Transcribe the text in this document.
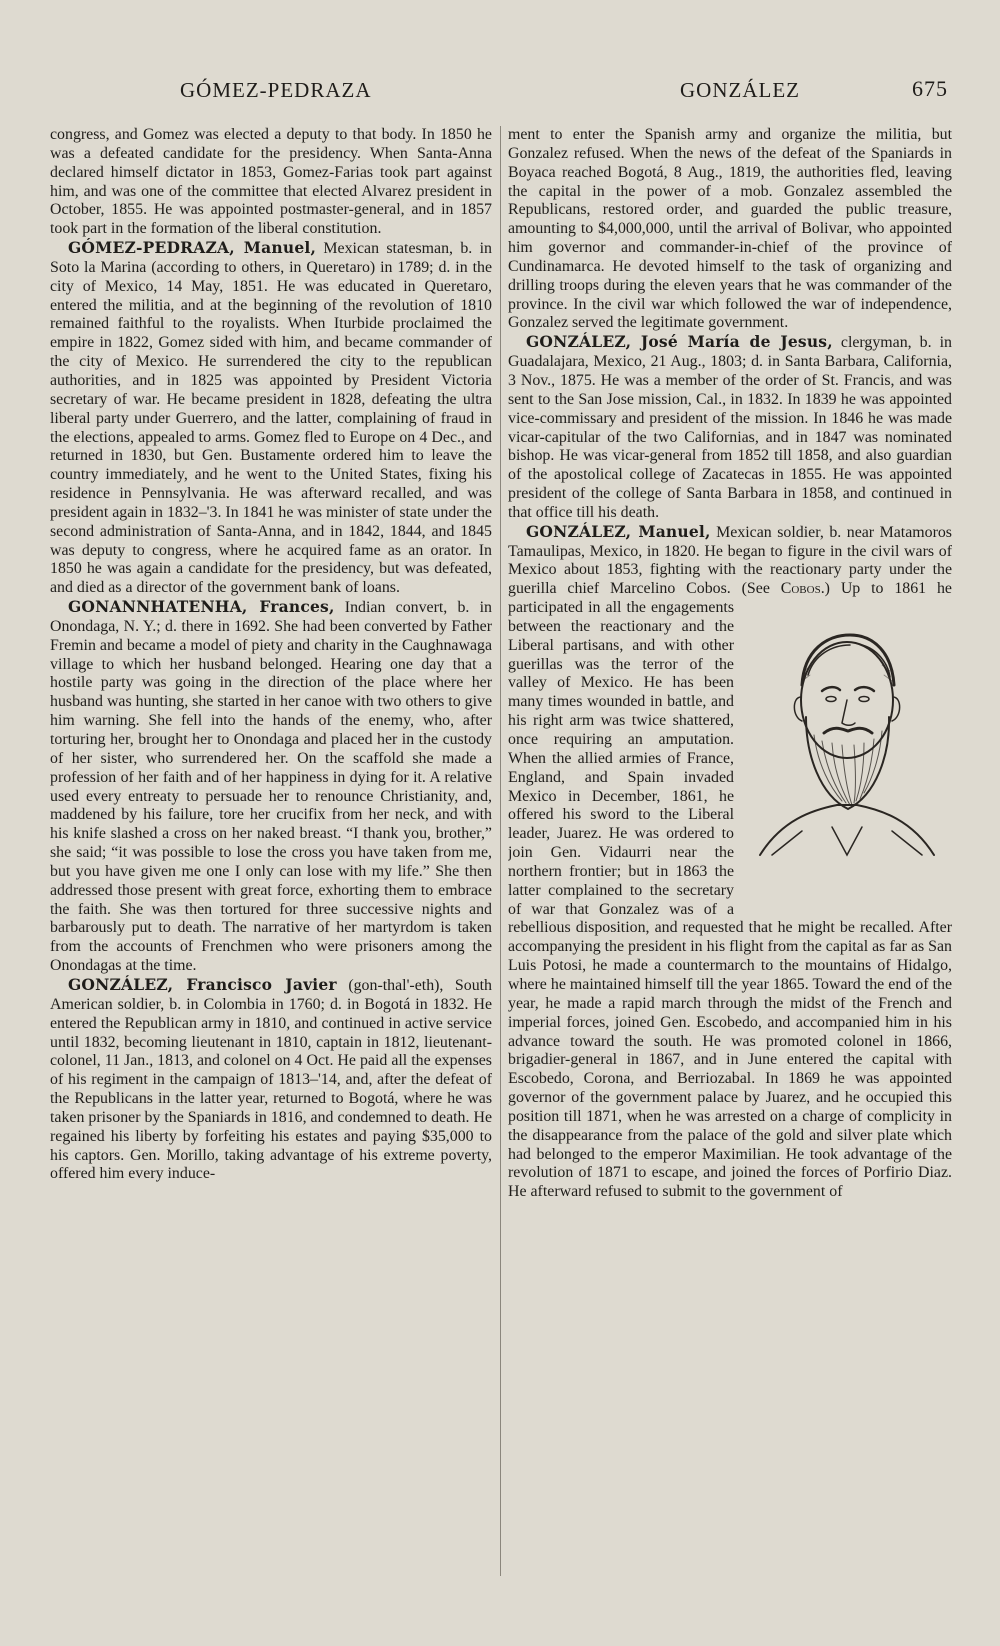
GÓMEZ-PEDRAZA	GONZÁLEZ	675

congress, and Gomez was elected a deputy to that body. In 1850 he was a defeated candidate for the presidency. When Santa-Anna declared himself dictator in 1853, Gomez-Farias took part against him, and was one of the committee that elected Alvarez president in October, 1855. He was appointed postmaster-general, and in 1857 took part in the formation of the liberal constitution.

GÓMEZ-PEDRAZA, Manuel, Mexican statesman, b. in Soto la Marina (according to others, in Queretaro) in 1789; d. in the city of Mexico, 14 May, 1851. He was educated in Queretaro, entered the militia, and at the beginning of the revolution of 1810 remained faithful to the royalists. When Iturbide proclaimed the empire in 1822, Gomez sided with him, and became commander of the city of Mexico. He surrendered the city to the republican authorities, and in 1825 was appointed by President Victoria secretary of war. He became president in 1828, defeating the ultra liberal party under Guerrero, and the latter, complaining of fraud in the elections, appealed to arms. Gomez fled to Europe on 4 Dec., and returned in 1830, but Gen. Bustamente ordered him to leave the country immediately, and he went to the United States, fixing his residence in Pennsylvania. He was afterward recalled, and was president again in 1832–'3. In 1841 he was minister of state under the second administration of Santa-Anna, and in 1842, 1844, and 1845 was deputy to congress, where he acquired fame as an orator. In 1850 he was again a candidate for the presidency, but was defeated, and died as a director of the government bank of loans.

GONANNHATENHA, Frances, Indian convert, b. in Onondaga, N. Y.; d. there in 1692. She had been converted by Father Fremin and became a model of piety and charity in the Caughnawaga village to which her husband belonged. Hearing one day that a hostile party was going in the direction of the place where her husband was hunting, she started in her canoe with two others to give him warning. She fell into the hands of the enemy, who, after torturing her, brought her to Onondaga and placed her in the custody of her sister, who surrendered her. On the scaffold she made a profession of her faith and of her happiness in dying for it. A relative used every entreaty to persuade her to renounce Christianity, and, maddened by his failure, tore her crucifix from her neck, and with his knife slashed a cross on her naked breast. “I thank you, brother,” she said; “it was possible to lose the cross you have taken from me, but you have given me one I only can lose with my life.” She then addressed those present with great force, exhorting them to embrace the faith. She was then tortured for three successive nights and barbarously put to death. The narrative of her martyrdom is taken from the accounts of Frenchmen who were prisoners among the Onondagas at the time.

GONZÁLEZ, Francisco Javier (gon-thal'-eth), South American soldier, b. in Colombia in 1760; d. in Bogotá in 1832. He entered the Republican army in 1810, and continued in active service until 1832, becoming lieutenant in 1810, captain in 1812, lieutenant-colonel, 11 Jan., 1813, and colonel on 4 Oct. He paid all the expenses of his regiment in the campaign of 1813–'14, and, after the defeat of the Republicans in the latter year, returned to Bogotá, where he was taken prisoner by the Spaniards in 1816, and condemned to death. He regained his liberty by forfeiting his estates and paying $35,000 to his captors. Gen. Morillo, taking advantage of his extreme poverty, offered him every induce-

ment to enter the Spanish army and organize the militia, but Gonzalez refused. When the news of the defeat of the Spaniards in Boyaca reached Bogotá, 8 Aug., 1819, the authorities fled, leaving the capital in the power of a mob. Gonzalez assembled the Republicans, restored order, and guarded the public treasure, amounting to $4,000,000, until the arrival of Bolivar, who appointed him governor and commander-in-chief of the province of Cundinamarca. He devoted himself to the task of organizing and drilling troops during the eleven years that he was commander of the province. In the civil war which followed the war of independence, Gonzalez served the legitimate government.

GONZÁLEZ, José María de Jesus, clergyman, b. in Guadalajara, Mexico, 21 Aug., 1803; d. in Santa Barbara, California, 3 Nov., 1875. He was a member of the order of St. Francis, and was sent to the San Jose mission, Cal., in 1832. In 1839 he was appointed vice-commissary and president of the mission. In 1846 he was made vicar-capitular of the two Californias, and in 1847 was nominated bishop. He was vicar-general from 1852 till 1858, and also guardian of the apostolical college of Zacatecas in 1855. He was appointed president of the college of Santa Barbara in 1858, and continued in that office till his death.

GONZÁLEZ, Manuel, Mexican soldier, b. near Matamoros Tamaulipas, Mexico, in 1820. He began to figure in the civil wars of Mexico about 1853, fighting with the reactionary party under the guerilla chief Marcelino Cobos. (See Cobos
.) Up to 1861 he participated in all the engagements between the reactionary and the Liberal partisans, and with other guerillas was the terror of the valley of Mexico. He has been many times wounded in battle, and his right arm was twice shattered, once requiring an amputation. When the allied armies of France, England, and Spain invaded Mexico in December, 1861, he offered his sword to the Liberal leader, Juarez. He was ordered to join Gen. Vidaurri near the northern frontier; but in 1863 the latter complained to the secretary of war that Gonzalez was of a rebellious disposition, and requested that he might be recalled. After accompanying the president in his flight from the capital as far as San Luis Potosi, he made a countermarch to the mountains of Hidalgo, where he maintained himself till the year 1865. Toward the end of the year, he made a rapid march through the midst of the French and imperial forces, joined Gen. Escobedo, and accompanied him in his advance toward the south. He was promoted colonel in 1866, brigadier-general in 1867, and in June entered the capital with Escobedo, Corona, and Berriozabal. In 1869 he was appointed governor of the government palace by Juarez, and he occupied this position till 1871, when he was arrested on a charge of complicity in the disappearance from the palace of the gold and silver plate which had belonged to the emperor Maximilian. He took advantage of the revolution of 1871 to escape, and joined the forces of Porfirio Diaz. He afterward refused to submit to the government of
